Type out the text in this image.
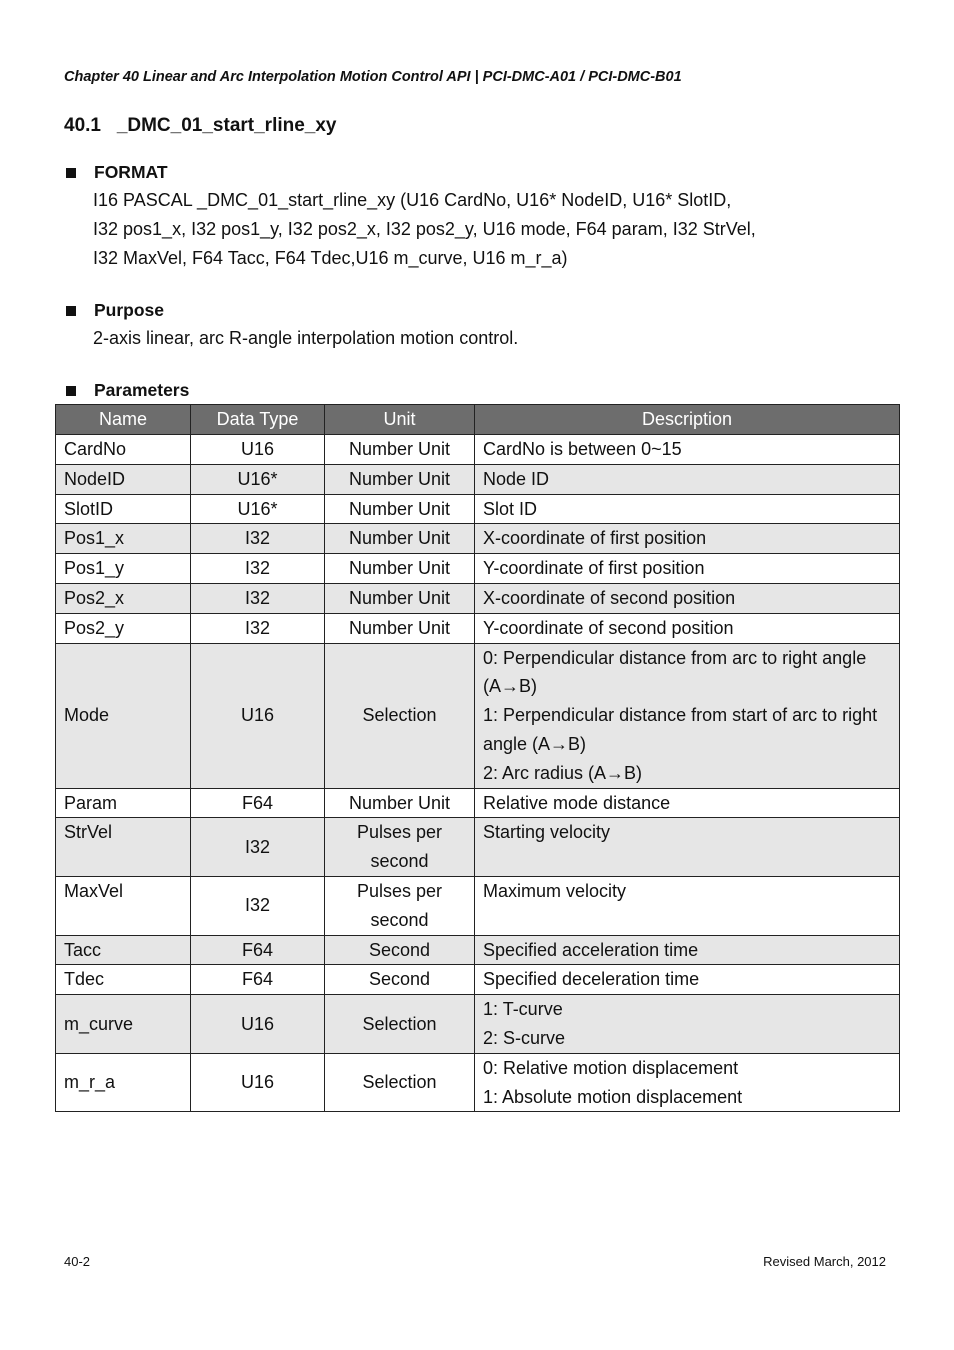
Chapter 40 Linear and Arc Interpolation Motion Control API | PCI-DMC-A01 / PCI-DMC-B01
40.1   _DMC_01_start_rline_xy
FORMAT
I16 PASCAL _DMC_01_start_rline_xy (U16 CardNo, U16* NodeID, U16* SlotID,
I32 pos1_x, I32 pos1_y, I32 pos2_x, I32 pos2_y, U16 mode, F64 param, I32 StrVel,
I32 MaxVel, F64 Tacc, F64 Tdec,U16 m_curve, U16 m_r_a)
Purpose
2-axis linear, arc R-angle interpolation motion control.
Parameters
Name	Data Type	Unit	Description
CardNo	U16	Number Unit	CardNo is between 0~15

NodeID	U16*	Number Unit	Node ID

SlotID	U16*	Number Unit	Slot ID

Pos1_x	I32	Number Unit	X-coordinate of first position

Pos1_y	I32	Number Unit	Y-coordinate of first position

Pos2_x	I32	Number Unit	X-coordinate of second position

Pos2_y	I32	Number Unit	Y-coordinate of second position

Mode	U16	Selection	0: Perpendicular distance from arc to right angle (A→B)
1: Perpendicular distance from start of arc to right angle (A→B)
2: Arc radius (A→B)

Param	F64	Number Unit	Relative mode distance

StrVel	I32	Pulses per second	Starting velocity

MaxVel	I32	Pulses per second	Maximum velocity

Tacc	F64	Second	Specified acceleration time

Tdec	F64	Second	Specified deceleration time

m_curve	U16	Selection	1: T-curve
2: S-curve

m_r_a	U16	Selection	0: Relative motion displacement
1: Absolute motion displacement
40-2	Revised March, 2012
